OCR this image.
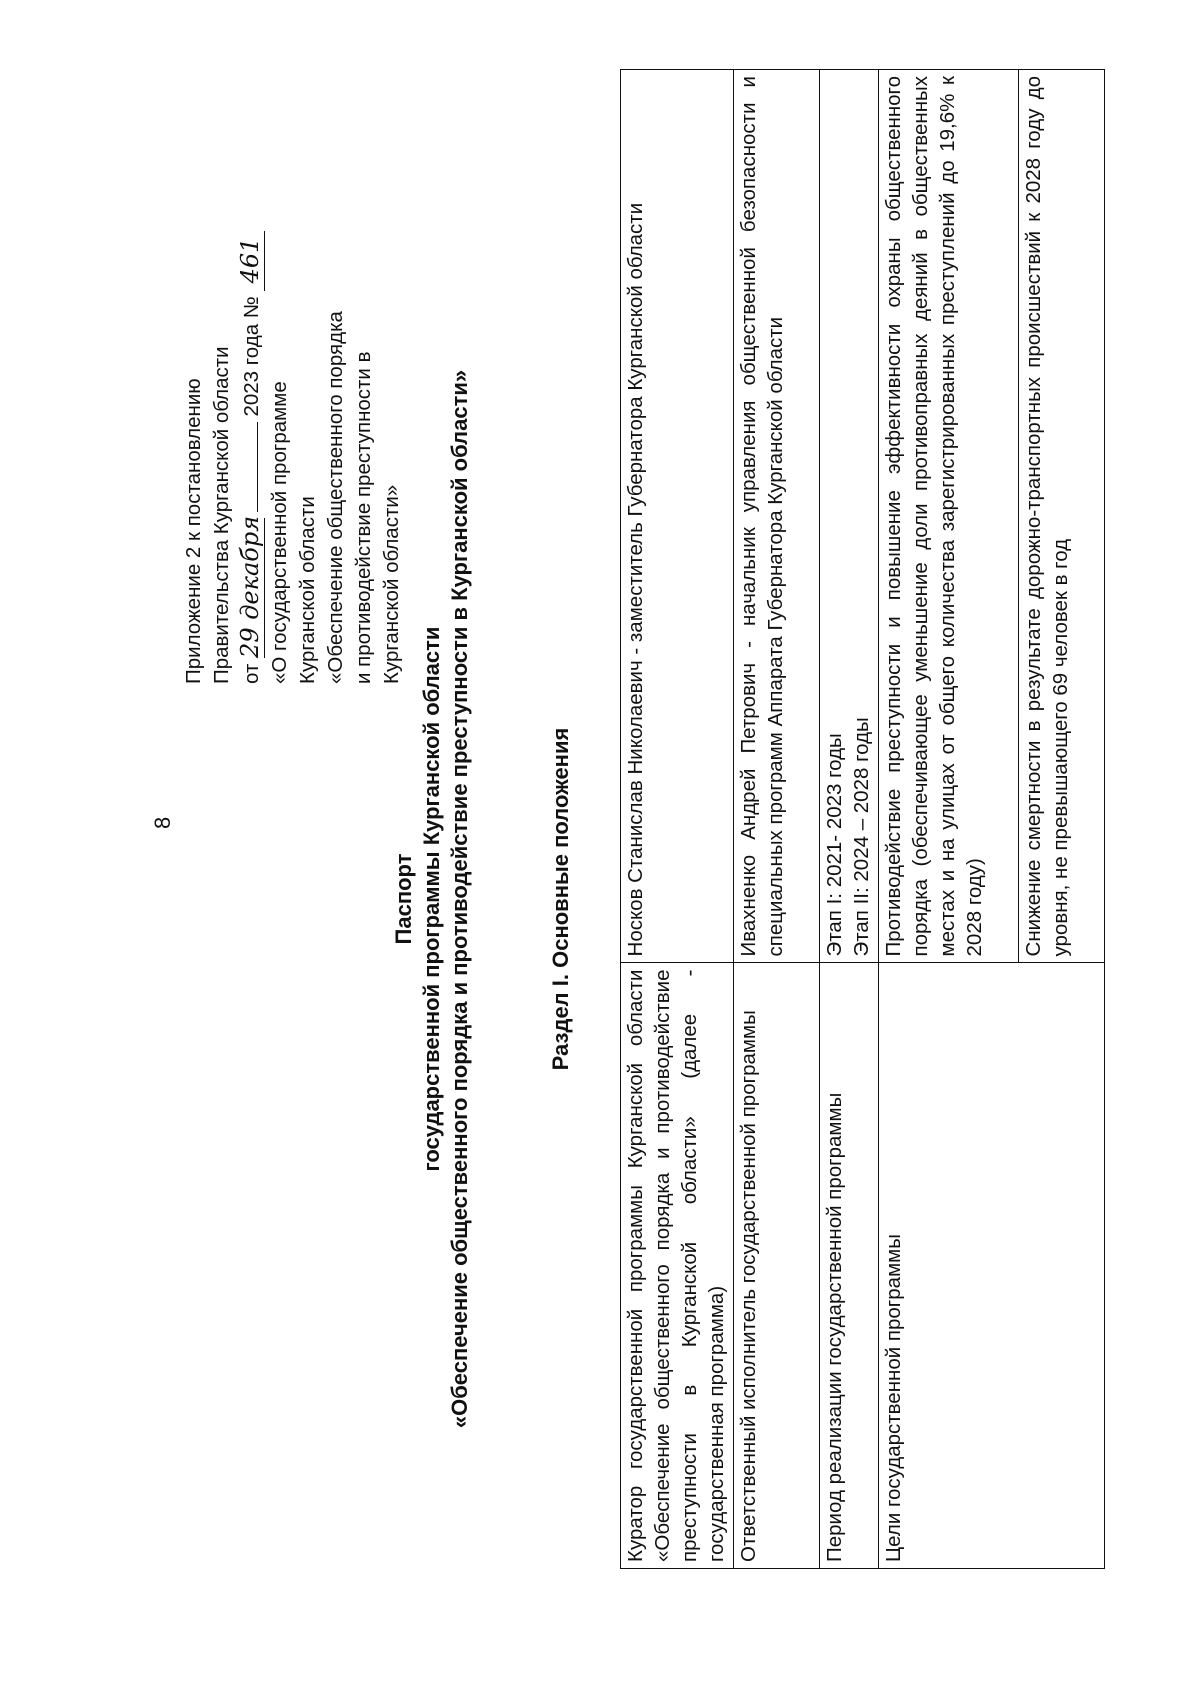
8
Приложение 2 к постановлению Правительства Курганской области от 29 декабря  2023 года № 461
«О государственной программе Курганской области «Обеспечение общественного порядка и противодействие преступности в Курганской области»
Паспорт государственной программы Курганской области «Обеспечение общественного порядка и противодействие преступности в Курганской области»	Раздел I. Основные положения
Куратор государственной программы Курганской области «Обеспечение общественного порядка и противодействие преступности в Курганской области» (далее - государственная программа)	Носков Станислав Николаевич - заместитель Губернатора Курганской области
Ответственный исполнитель государственной программы	Ивахненко Андрей Петрович - начальник управления общественной безопасности и специальных программ Аппарата Губернатора Курганской области
Период реализации государственной программы	Этап I: 2021- 2023 годы Этап II: 2024 – 2028 годы

Цели государственной программы	Противодействие преступности и повышение эффективности охраны общественного порядка (обеспечивающее уменьшение доли противоправных деяний в общественных местах и на улицах от общего количества зарегистрированных преступлений до 19,6% к 2028 году)
	Снижение смертности в результате дорожно-транспортных происшествий к 2028 году до уровня, не превышающего 69 человек в год
